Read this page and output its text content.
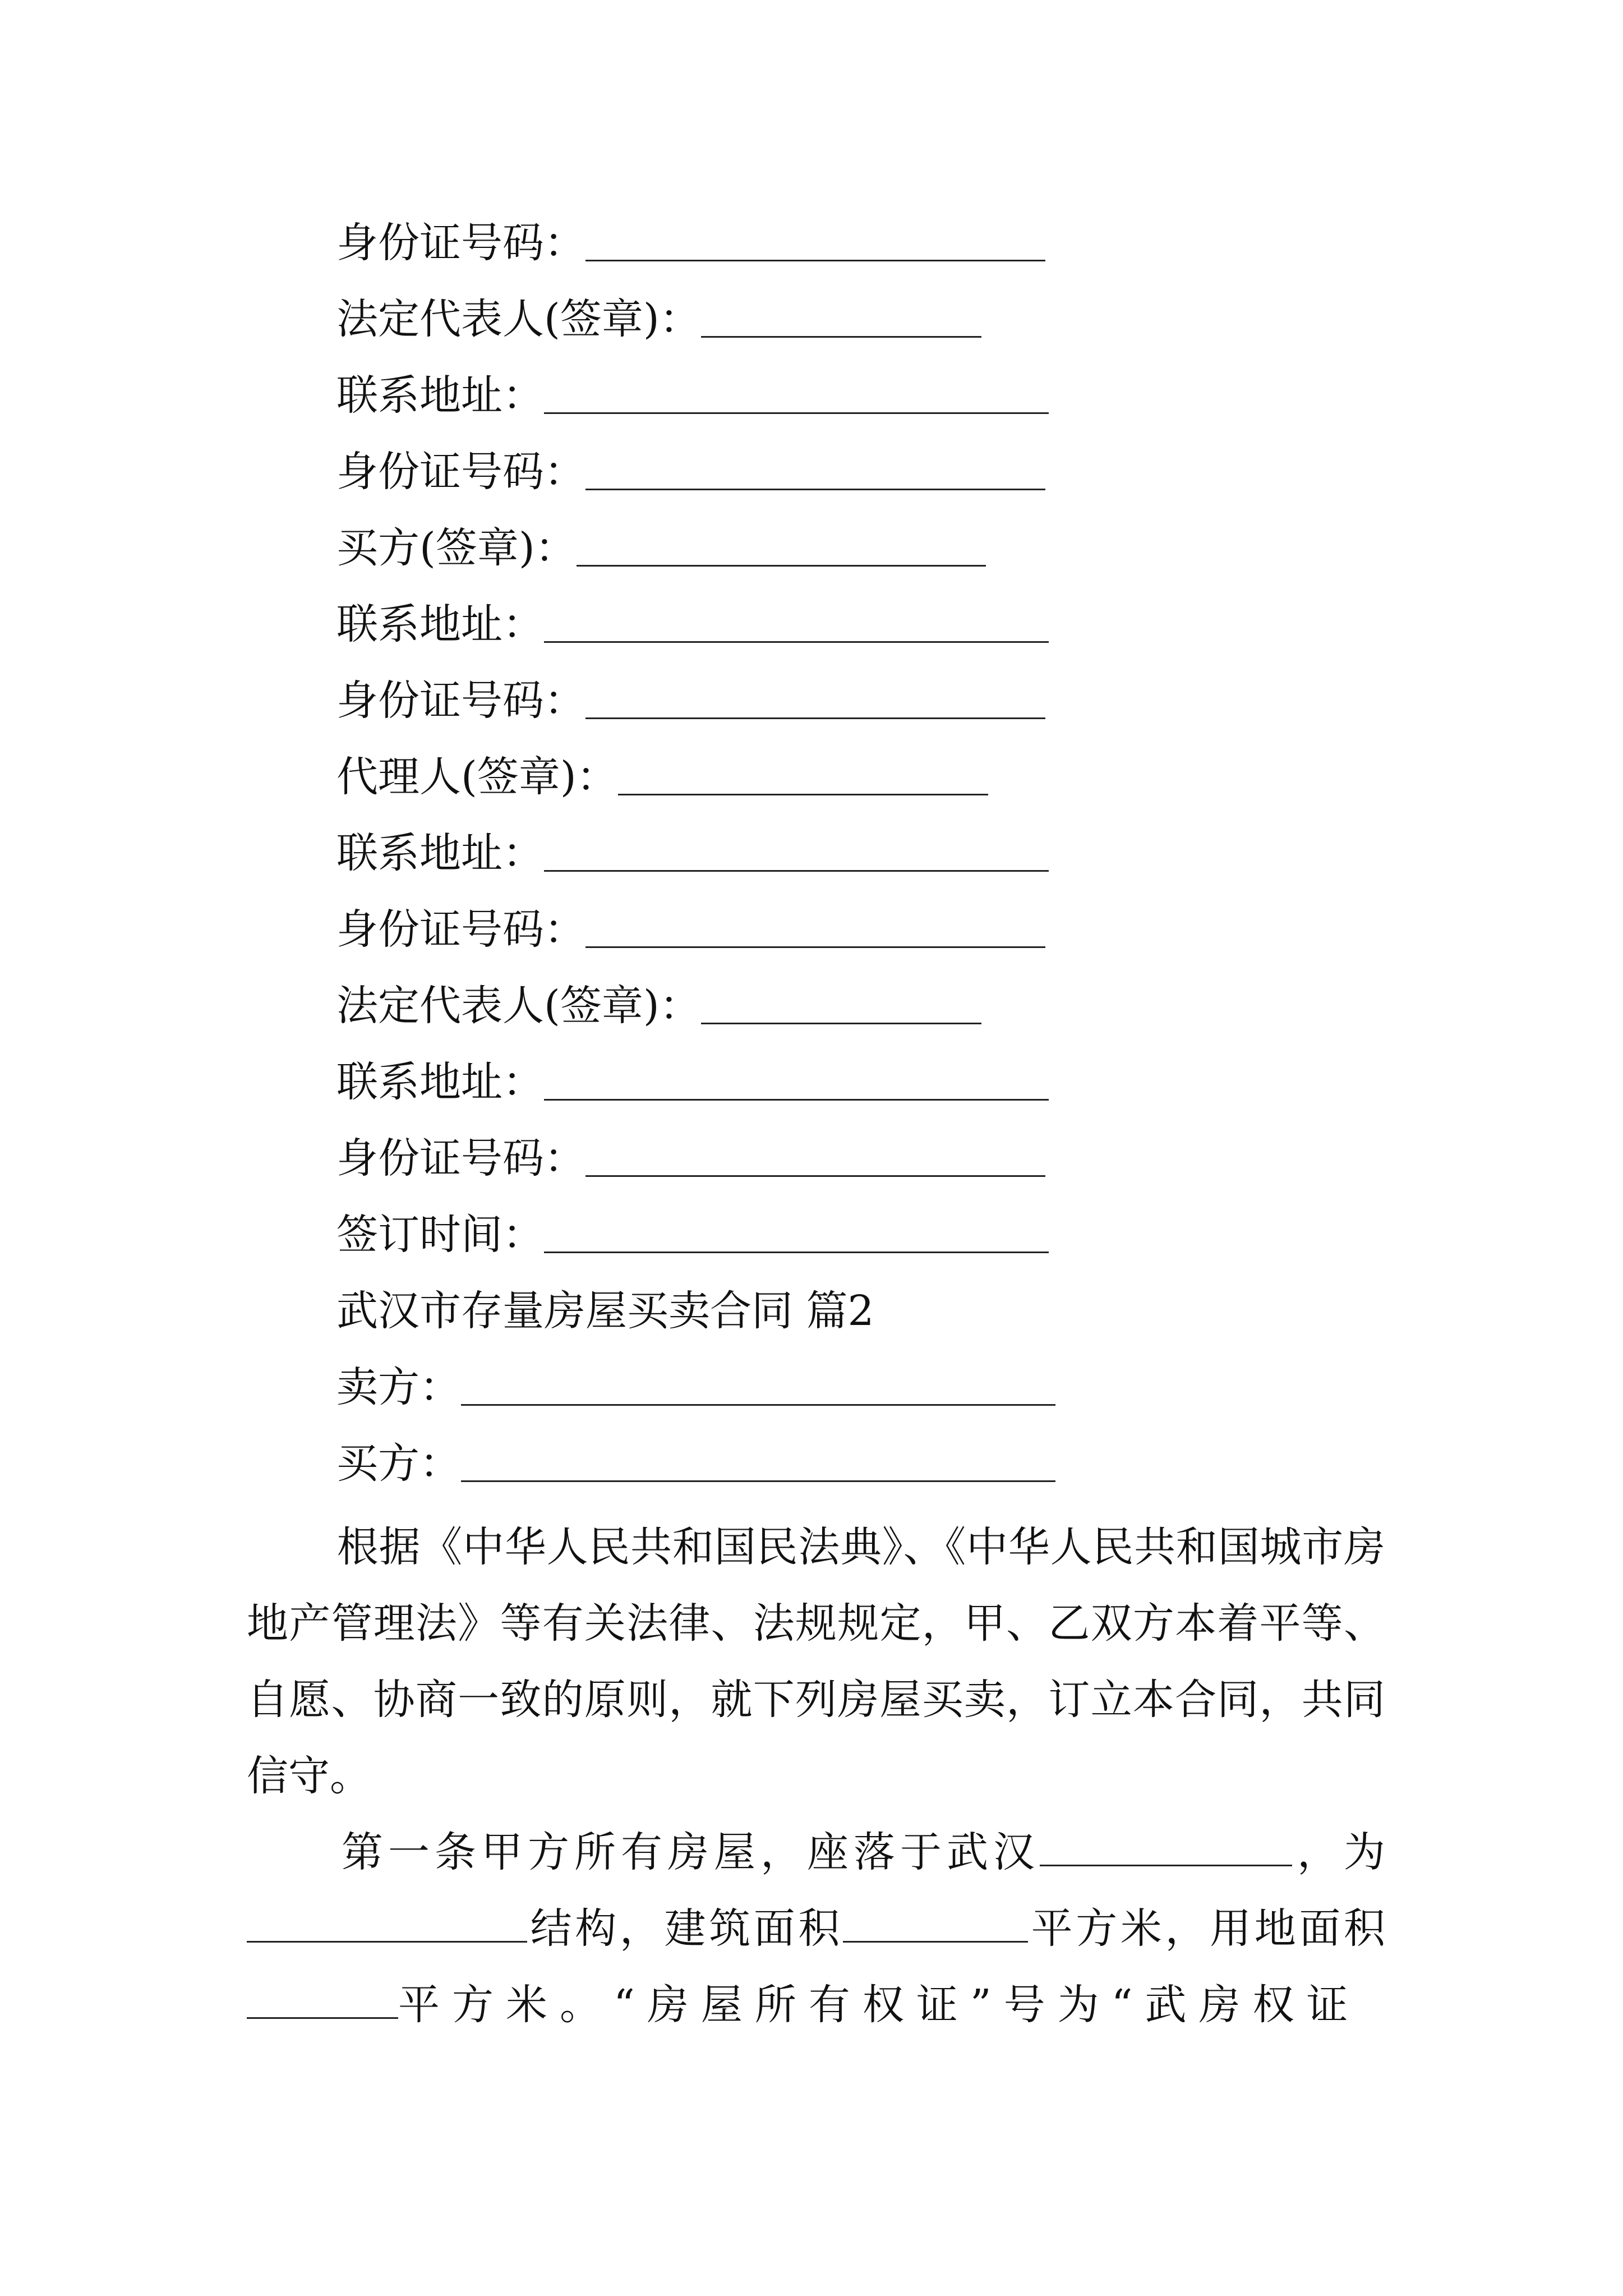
身份证号码：
法定代表人(签章)：
联系地址：
身份证号码：
买方(签章)：
联系地址：
身份证号码：
代理人(签章)：
联系地址：
身份证号码：
法定代表人(签章)：
联系地址：
身份证号码：
签订时间：
武汉市存量房屋买卖合同 篇2
卖方：
买方：
根据《中华人民共和国民法典》、《中华人民共和国城市房地产管理法》等有关法律、法规规定，甲、乙双方本着平等、自愿、协商一致的原则，就下列房屋买卖，订立本合同，共同信守。
第一条甲方所有房屋，座落于武汉	，为结构，建筑面积	平方米，用地面积平方米。“房屋所有权证”号为“武房权证
